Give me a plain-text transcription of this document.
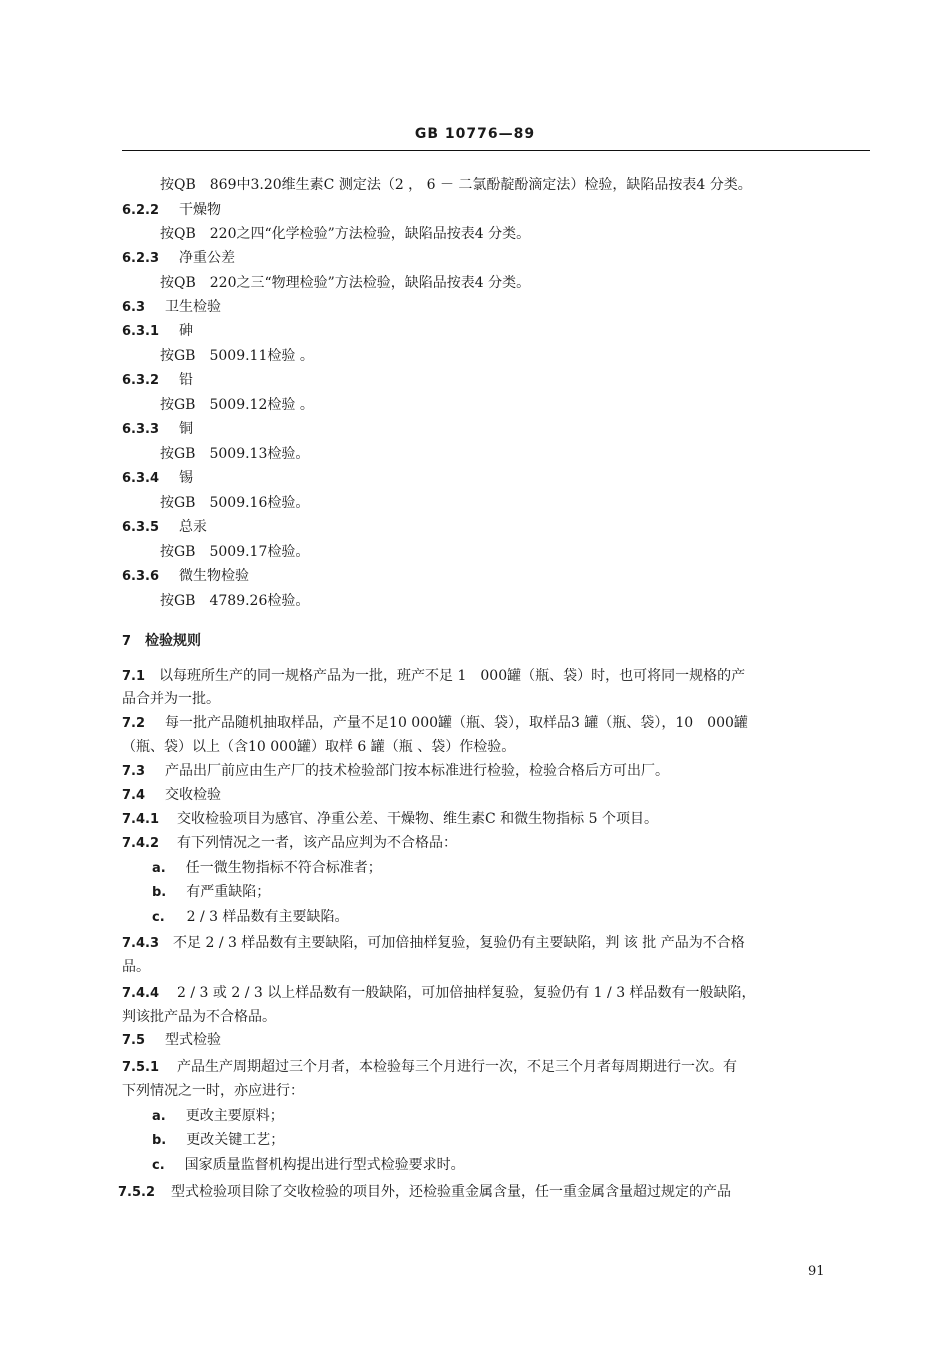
GB 10776—89
按QB　869中3.20维生素C 测定法（2 ， 6 － 二氯酚靛酚滴定法）检验，缺陷品按表4 分类。
6.2.2 干燥物
按QB　220之四“化学检验”方法检验，缺陷品按表4 分类。
6.2.3 净重公差
按QB　220之三“物理检验”方法检验，缺陷品按表4 分类。
6.3 卫生检验
6.3.1 砷
按GB　5009.11检验 。
6.3.2 铅
按GB　5009.12检验 。
6.3.3 铜
按GB　5009.13检验。
6.3.4 锡
按GB　5009.16检验。
6.3.5 总汞
按GB　5009.17检验。
6.3.6 微生物检验
按GB　4789.26检验。
7 检验规则
7.1 以每班所生产的同一规格产品为一批，班产不足 1　000罐（瓶、袋）时，也可将同一规格的产
品合并为一批。
7.2 每一批产品随机抽取样品，产量不足10 000罐（瓶、袋），取样品3 罐（瓶、袋），10　000罐
（瓶、袋）以上（含10 000罐）取样 6 罐（瓶 、袋）作检验。
7.3 产品出厂前应由生产厂的技术检验部门按本标准进行检验，检验合格后方可出厂。
7.4 交收检验
7.4.1 交收检验项目为感官、净重公差、干燥物、维生素C 和微生物指标 5 个项目。
7.4.2 有下列情况之一者，该产品应判为不合格品：
a. 任一微生物指标不符合标准者；
b. 有严重缺陷；
c. 2 / 3 样品数有主要缺陷。
7.4.3 不足 2 / 3 样品数有主要缺陷，可加倍抽样复验，复验仍有主要缺陷，判 该 批 产品为不合格
品。
7.4.4 2 / 3 或 2 / 3 以上样品数有一般缺陷，可加倍抽样复验，复验仍有 1 / 3 样品数有一般缺陷，
判该批产品为不合格品。
7.5 型式检验
7.5.1 产品生产周期超过三个月者，本检验每三个月进行一次，不足三个月者每周期进行一次。有
下列情况之一时，亦应进行：
a. 更改主要原料；
b. 更改关键工艺；
c. 国家质量监督机构提出进行型式检验要求时。
7.5.2 型式检验项目除了交收检验的项目外，还检验重金属含量，任一重金属含量超过规定的产品
91
